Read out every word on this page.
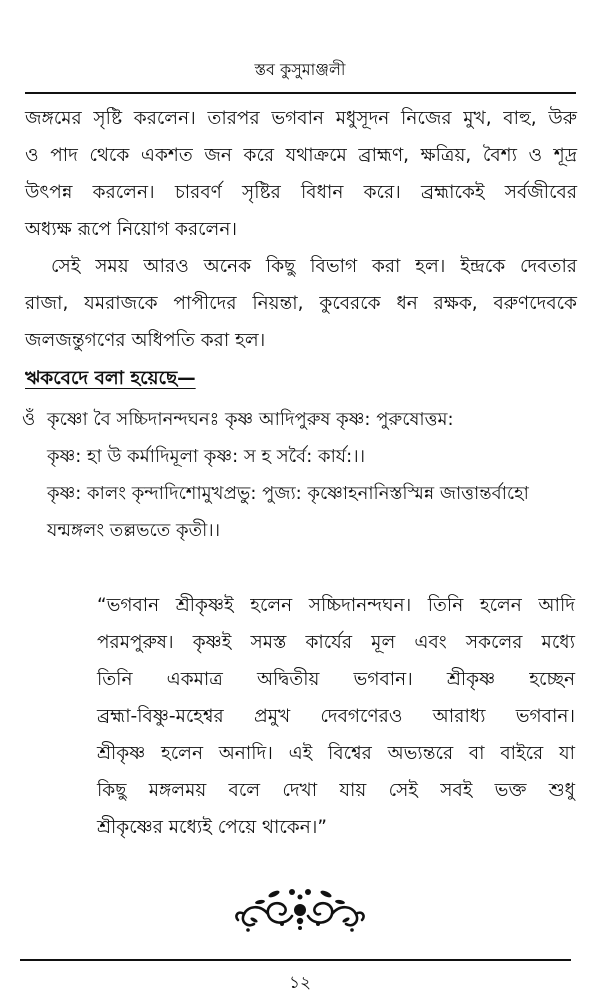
স্তব কুসুমাঞ্জলী
জঙ্গমের সৃষ্টি করলেন। তারপর ভগবান মধুসূদন নিজের মুখ, বাহু, উরু
ও পাদ থেকে একশত জন করে যথাক্রমে ব্রাহ্মণ, ক্ষত্রিয়, বৈশ্য ও শূদ্র
উৎপন্ন করলেন। চারবর্ণ সৃষ্টির বিধান করে। ব্রহ্মাকেই সর্বজীবের
অধ্যক্ষ রূপে নিয়োগ করলেন।
সেই সময় আরও অনেক কিছু বিভাগ করা হল। ইন্দ্রকে দেবতার
রাজা, যমরাজকে পাপীদের নিয়ন্তা, কুবেরকে ধন রক্ষক, বরুণদেবকে
জলজন্তুগণের অধিপতি করা হল।
ঋকবেদে বলা হয়েছে—
ওঁ কৃষ্ণো বৈ সচ্চিদানন্দঘনঃ কৃষ্ণ আদিপুরুষ কৃষ্ণ: পুরুষোত্তম:
কৃষ্ণ: হা উ কর্মাদিমূলা কৃষ্ণ: স হ সর্বৈ: কার্য:।।
কৃষ্ণ: কালং কৃন্দাদিশোমুখপ্রভু: পুজ্য: কৃষ্ণোহনানিস্তস্মিন্ন জাত্তান্তর্বাহো
যন্মঙ্গলং তল্লভতে কৃতী।।
“ভগবান শ্রীকৃষ্ণই হলেন সচ্চিদানন্দঘন। তিনি হলেন আদি
পরমপুরুষ। কৃষ্ণই সমস্ত কার্যের মূল এবং সকলের মধ্যে
তিনি একমাত্র অদ্বিতীয় ভগবান। শ্রীকৃষ্ণ হচ্ছেন
ব্রহ্মা-বিষ্ণু-মহেশ্বর প্রমুখ দেবগণেরও আরাধ্য ভগবান।
শ্রীকৃষ্ণ হলেন অনাদি। এই বিশ্বের অভ্যন্তরে বা বাইরে যা
কিছু মঙ্গলময় বলে দেখা যায় সেই সবই ভক্ত শুধু
শ্রীকৃষ্ণের মধ্যেই পেয়ে থাকেন।”
১২
